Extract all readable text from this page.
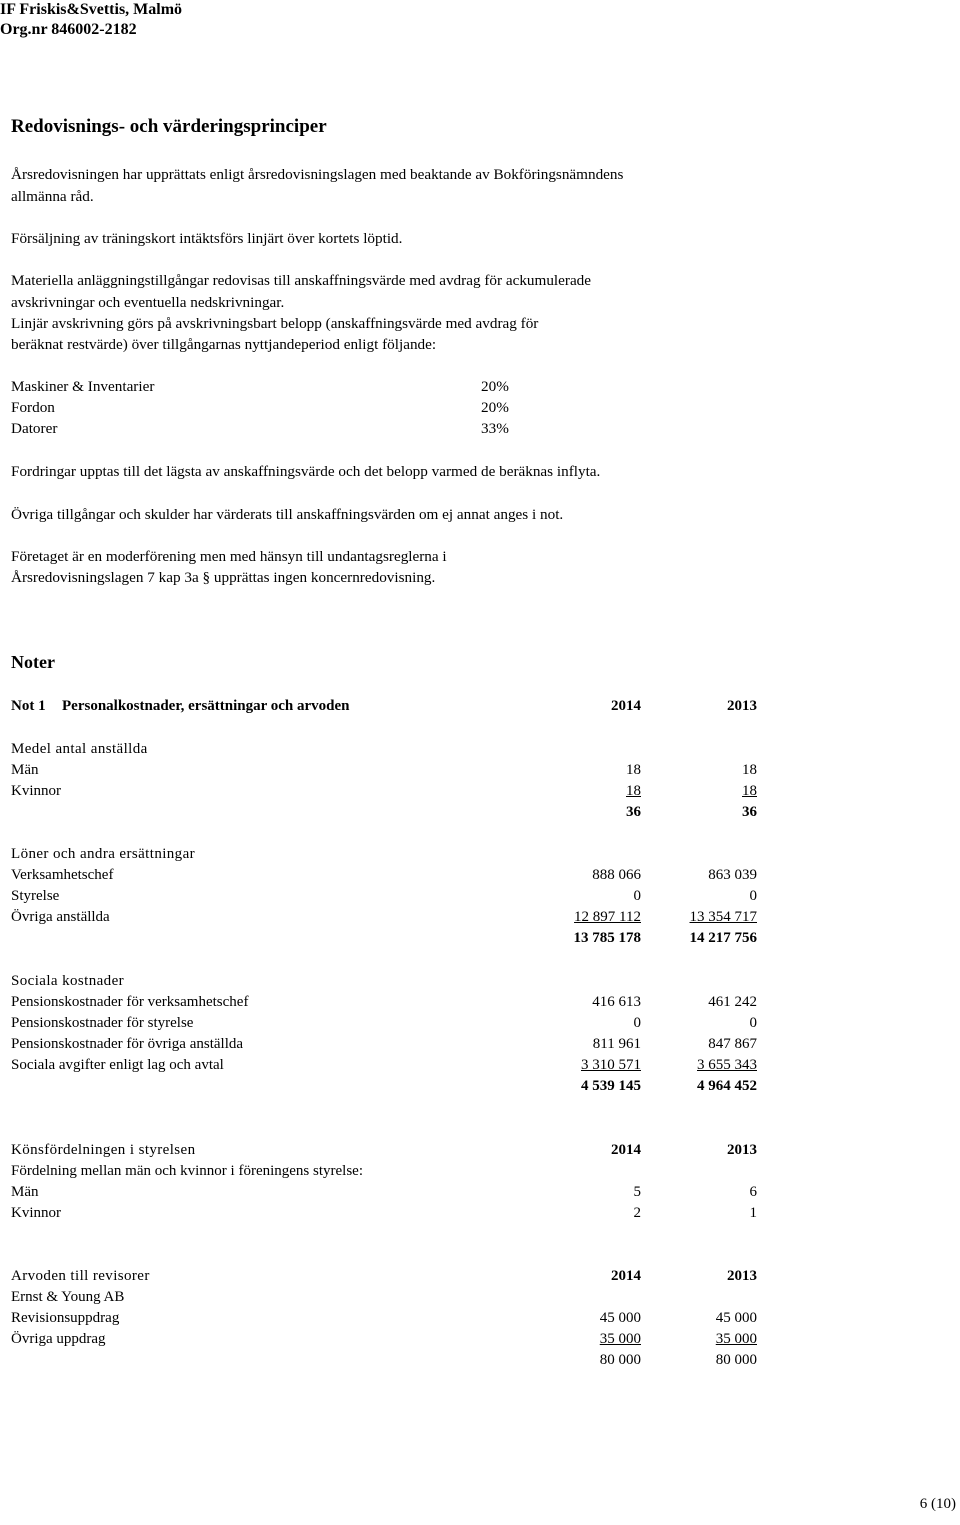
IF Friskis&Svettis, Malmö
Org.nr 846002-2182
Redovisnings- och värderingsprinciper
Årsredovisningen har upprättats enligt årsredovisningslagen med beaktande av Bokföringsnämndens
allmänna råd.
Försäljning av träningskort intäktsförs linjärt över kortets löptid.
Materiella anläggningstillgångar redovisas till anskaffningsvärde med avdrag för ackumulerade
avskrivningar och eventuella nedskrivningar.
Linjär avskrivning görs på avskrivningsbart belopp (anskaffningsvärde med avdrag för
beräknat restvärde) över tillgångarnas nyttjandeperiod enligt följande:
Maskiner & Inventarier	20%
Fordon	20%
Datorer	33%
Fordringar upptas till det lägsta av anskaffningsvärde och det belopp varmed de beräknas inflyta.
Övriga tillgångar och skulder har värderats till anskaffningsvärden om ej annat anges i not.
Företaget är en moderförening men med hänsyn till undantagsreglerna i
Årsredovisningslagen 7 kap 3a § upprättas ingen koncernredovisning.
Noter
Not 1 Personalkostnader, ersättningar och arvoden	2014	2013
Medel antal anställda
Män	18	18
Kvinnor	18	18
36	36
Löner och andra ersättningar
Verksamhetschef	888 066	863 039
Styrelse	0	0
Övriga anställda	12 897 112	13 354 717
13 785 178	14 217 756
Sociala kostnader
Pensionskostnader för verksamhetschef	416 613	461 242
Pensionskostnader för styrelse	0	0
Pensionskostnader för övriga anställda	811 961	847 867
Sociala avgifter enligt lag och avtal	3 310 571	3 655 343
4 539 145	4 964 452
Könsfördelningen i styrelsen	2014	2013
Fördelning mellan män och kvinnor i föreningens styrelse:
Män	5	6
Kvinnor	2	1
Arvoden till revisorer	2014	2013
Ernst & Young AB
Revisionsuppdrag	45 000	45 000
Övriga uppdrag	35 000	35 000
80 000	80 000
6 (10)
